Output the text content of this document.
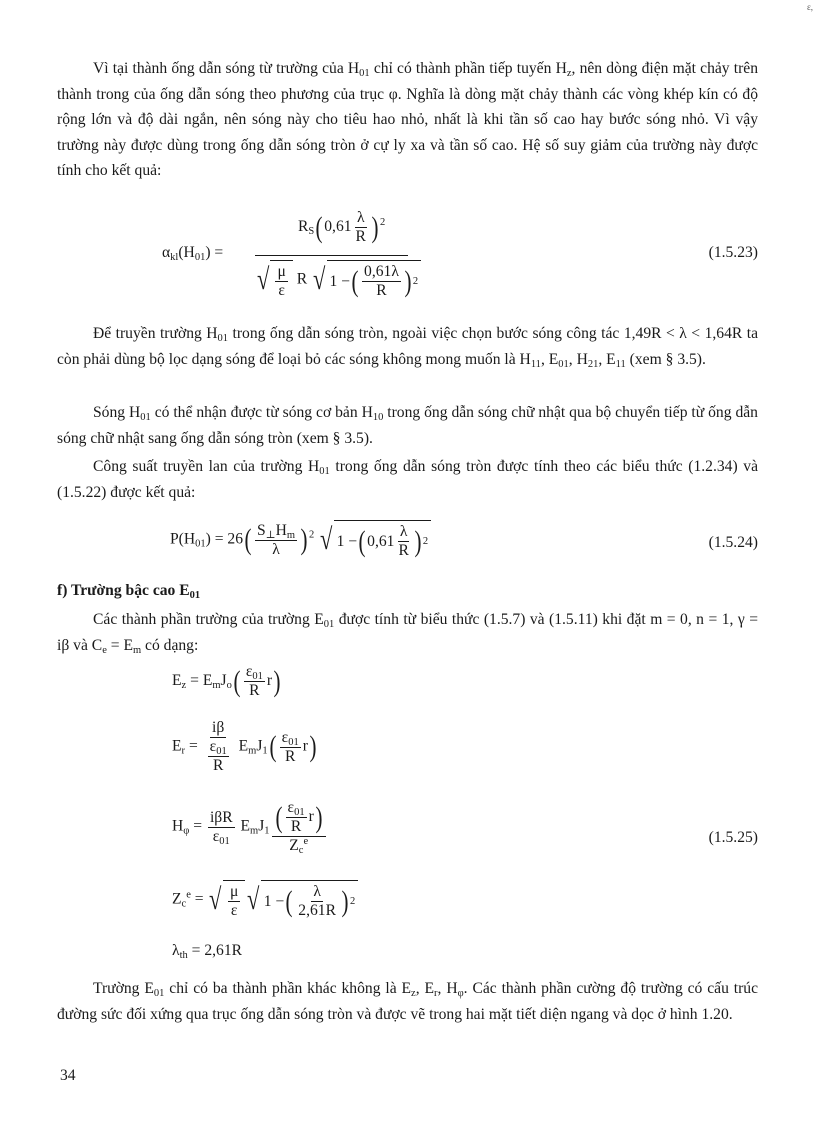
ε,

Vì tại thành ống dẫn sóng từ trường của $H_{01}$ chỉ có thành phần tiếp tuyến $H_z$, nên dòng điện mặt chảy trên thành trong của ống dẫn sóng theo phương của trục φ. Nghĩa là dòng mặt chảy thành các vòng khép kín có độ rộng lớn và độ dài ngắn, nên sóng này cho tiêu hao nhỏ, nhất là khi tần số cao hay bước sóng nhỏ. Vì vậy trường này được dùng trong ống dẫn sóng tròn ở cự ly xa và tần số cao. Hệ số suy giảm của trường này được tính cho kết quả:

$\alpha_{kl}(H_{01})$ =
$R_S(0,61 \frac{\lambda}{R}$ ) $^2$
√ $\frac{\mu}{\varepsilon}$ R √ 1 − ( $\frac{0,61\lambda}{R}$ ) 2
(1.5.23)

Để truyền trường $H_{01}$ trong ống dẫn sóng tròn, ngoài việc chọn bước sóng công tác 1,49R < λ < 1,64R ta còn phải dùng bộ lọc dạng sóng để loại bỏ các sóng không mong muốn là $H_{11}$, $E_{01}$, $H_{21}$, $E_{11}$ (xem § 3.5).

Sóng $H_{01}$ có thể nhận được từ sóng cơ bản $H_{10}$ trong ống dẫn sóng chữ nhật qua bộ chuyển tiếp từ ống dẫn sóng chữ nhật sang ống dẫn sóng tròn (xem § 3.5).

Công suất truyền lan của trường $H_{01}$ trong ống dẫn sóng tròn được tính theo các biểu thức (1.2.34) và (1.5.22) được kết quả:

$P(H_{01}) = 26( \frac{S_\perp H_m}{\lambda}$ ) $^2$ √ 1 − ( $0,61 \frac{\lambda}{R}$ ) 2	(1.5.24)

f) Trường bậc cao $E_{01}$

Các thành phần trường của trường $E_{01}$ được tính từ biểu thức (1.5.7) và (1.5.11) khi đặt m = 0, n = 1, γ = iβ và $C_e = E_m$ có dạng:

$E_z = E_mJ_o( \frac{\varepsilon_{01}}{R} r)$
$E_r = \frac{i\beta}{\frac{\varepsilon_{01}}{R}} E_mJ_1( \frac{\varepsilon_{01}}{R} r)$
$H_\varphi = \frac{\text{iβR}}{\varepsilon_{01}} E_mJ_1 \frac{( \frac{\varepsilon_{01}}{R} r)}{Z_c^e}$
$Z_c^e$ = √ $\frac{\mu}{\varepsilon}$ √ 1 − ( $\frac{\lambda}{2,61R}$ ) 2
$\lambda_{th} = 2,61R$
(1.5.25)

Trường $E_{01}$ chỉ có ba thành phần khác không là $E_z$, $E_r$, $H_\varphi$. Các thành phần cường độ trường có cấu trúc đường sức đối xứng qua trục ống dẫn sóng tròn và được vẽ trong hai mặt tiết diện ngang và dọc ở hình 1.20.

34
